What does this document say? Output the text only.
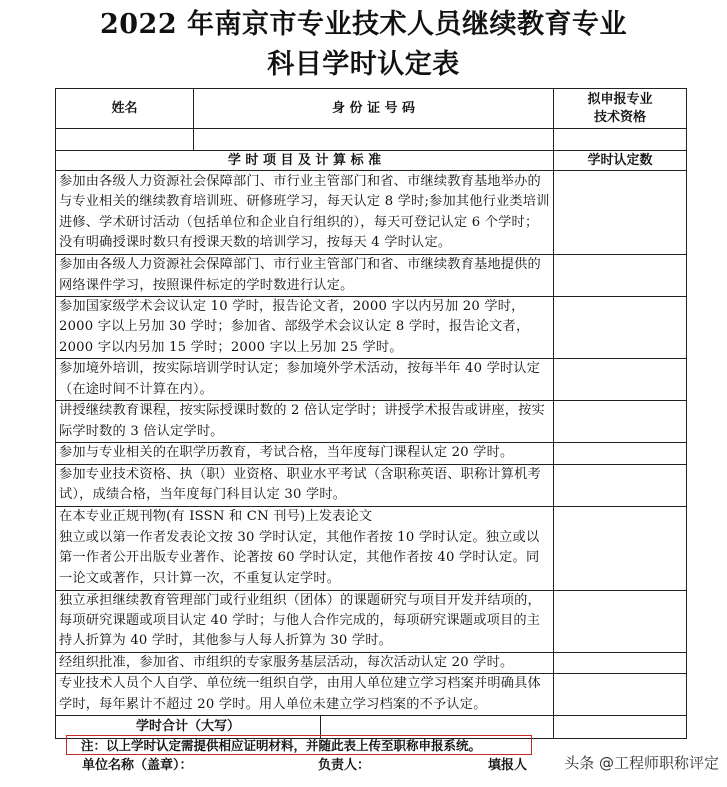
2022 年南京市专业技术人员继续教育专业
科目学时认定表
姓名	身 份 证 号 码	拟申报专业
技术资格

学 时 项 目 及 计 算 标 准		学时认定数
参加由各级人力资源社会保障部门、市行业主管部门和省、市继续教育基地举办的与专业相关的继续教育培训班、研修班学习，每天认定 8 学时;参加其他行业类培训进修、学术研讨活动（包括单位和企业自行组织的），每天可登记认定 6 个学时；没有明确授课时数只有授课天数的培训学习，按每天 4 学时认定。		
参加由各级人力资源社会保障部门、市行业主管部门和省、市继续教育基地提供的网络课件学习，按照课件标定的学时数进行认定。		
参加国家级学术会议认定 10 学时，报告论文者，2000 字以内另加 20 学时，2000 字以上另加 30 学时；参加省、部级学术会议认定 8 学时，报告论文者，2000 字以内另加 15 学时；2000 字以上另加 25 学时。		
参加境外培训，按实际培训学时认定；参加境外学术活动，按每半年 40 学时认定（在途时间不计算在内）。		
讲授继续教育课程，按实际授课时数的 2 倍认定学时；讲授学术报告或讲座，按实际学时数的 3 倍认定学时。		
参加与专业相关的在职学历教育，考试合格，当年度每门课程认定 20 学时。		
参加专业技术资格、执（职）业资格、职业水平考试（含职称英语、职称计算机考试），成绩合格，当年度每门科目认定 30 学时。		
在本专业正规刊物(有 ISSN 和 CN 刊号)上发表论文
独立或以第一作者发表论文按 30 学时认定，其他作者按 10 学时认定。独立或以第一作者公开出版专业著作、论著按 60 学时认定，其他作者按 40 学时认定。同一论文或著作，只计算一次，不重复认定学时。		
独立承担继续教育管理部门或行业组织（团体）的课题研究与项目开发并结项的，每项研究课题或项目认定 40 学时；与他人合作完成的，每项研究课题或项目的主持人折算为 40 学时，其他参与人每人折算为 30 学时。		
经组织批准，参加省、市组织的专家服务基层活动，每次活动认定 20 学时。		
专业技术人员个人自学、单位统一组织自学，由用人单位建立学习档案并明确具体学时，每年累计不超过 20 学时。用人单位未建立学习档案的不予认定。		

学时合计（大写）		

注：以上学时认定需提供相应证明材料，并随此表上传至职称申报系统。
单位名称（盖章）：	负责人：	填报人 头条 @工程师职称评定
